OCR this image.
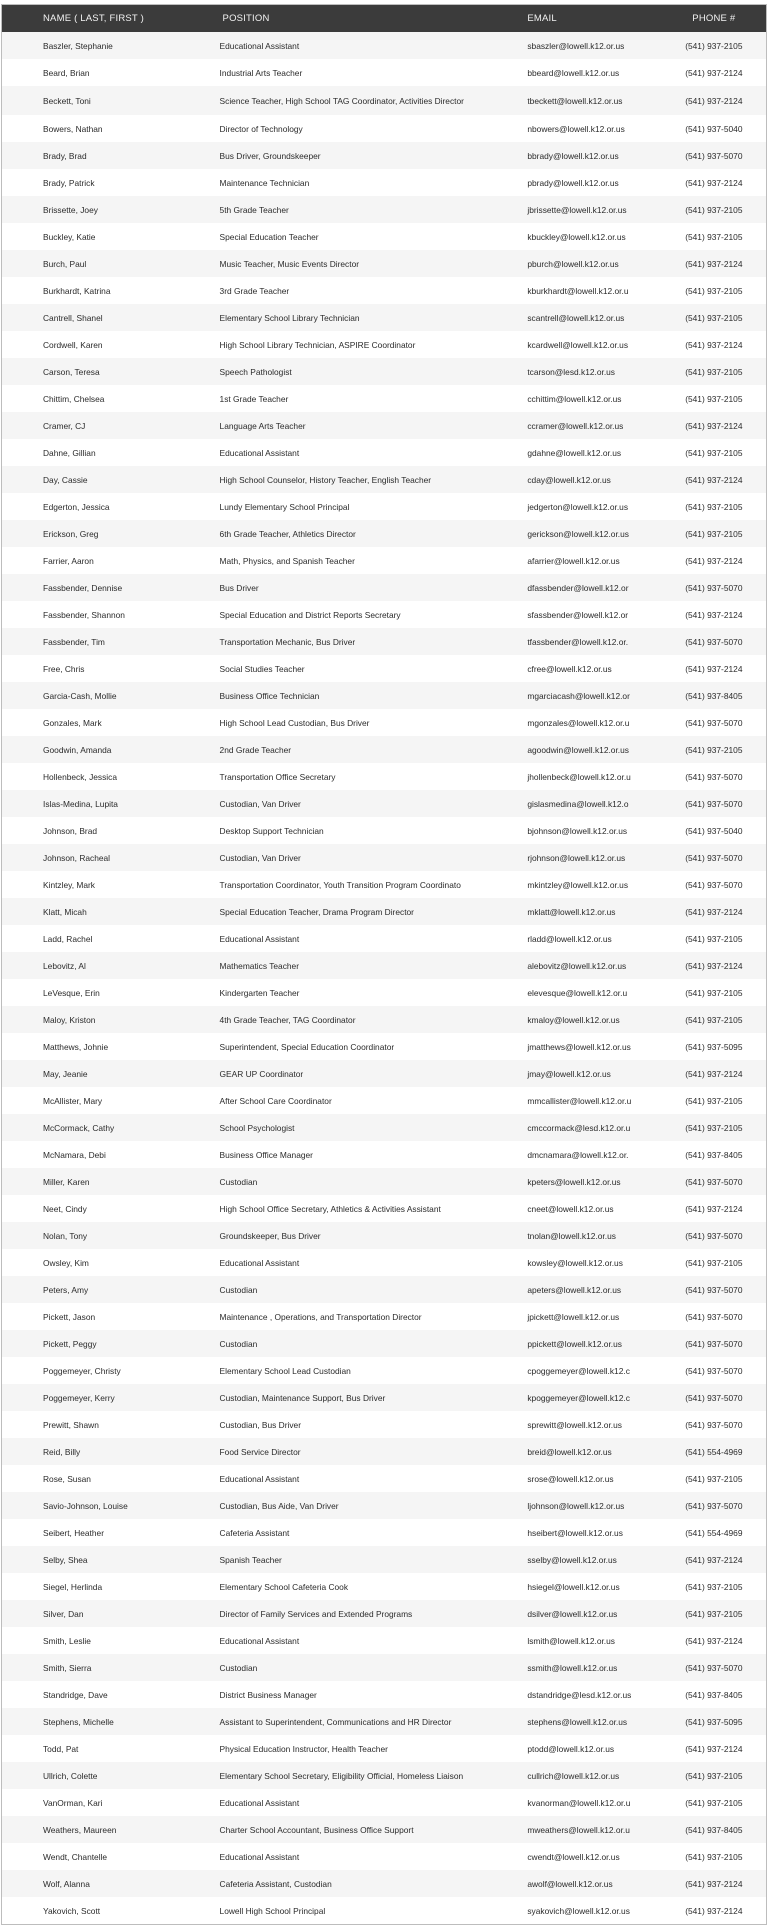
NAME ( LAST, FIRST )	POSITION	EMAIL	PHONE #
Baszler, Stephanie	Educational Assistant	sbaszler@lowell.k12.or.us	(541) 937-2105
Beard, Brian	Industrial Arts Teacher	bbeard@lowell.k12.or.us	(541) 937-2124
Beckett, Toni	Science Teacher, High School TAG Coordinator, Activities Director	tbeckett@lowell.k12.or.us	(541) 937-2124
Bowers, Nathan	Director of Technology	nbowers@lowell.k12.or.us	(541) 937-5040
Brady, Brad	Bus Driver, Groundskeeper	bbrady@lowell.k12.or.us	(541) 937-5070
Brady, Patrick	Maintenance Technician	pbrady@lowell.k12.or.us	(541) 937-2124
Brissette, Joey	5th Grade Teacher	jbrissette@lowell.k12.or.us	(541) 937-2105
Buckley, Katie	Special Education Teacher	kbuckley@lowell.k12.or.us	(541) 937-2105
Burch, Paul	Music Teacher, Music Events Director	pburch@lowell.k12.or.us	(541) 937-2124
Burkhardt, Katrina	3rd Grade Teacher	kburkhardt@lowell.k12.or.u	(541) 937-2105
Cantrell, Shanel	Elementary School Library Technician	scantrell@lowell.k12.or.us	(541) 937-2105
Cordwell, Karen	High School Library Technician, ASPIRE Coordinator	kcardwell@lowell.k12.or.us	(541) 937-2124
Carson, Teresa	Speech Pathologist	tcarson@lesd.k12.or.us	(541) 937-2105
Chittim, Chelsea	1st Grade Teacher	cchittim@lowell.k12.or.us	(541) 937-2105
Cramer, CJ	Language Arts Teacher	ccramer@lowell.k12.or.us	(541) 937-2124
Dahne, Gillian	Educational Assistant	gdahne@lowell.k12.or.us	(541) 937-2105
Day, Cassie	High School Counselor, History Teacher, English Teacher	cday@lowell.k12.or.us	(541) 937-2124
Edgerton, Jessica	Lundy Elementary School Principal	jedgerton@lowell.k12.or.us	(541) 937-2105
Erickson, Greg	6th Grade Teacher, Athletics Director	gerickson@lowell.k12.or.us	(541) 937-2105
Farrier, Aaron	Math, Physics, and Spanish Teacher	afarrier@lowell.k12.or.us	(541) 937-2124
Fassbender, Dennise	Bus Driver	dfassbender@lowell.k12.or	(541) 937-5070
Fassbender, Shannon	Special Education and District Reports Secretary	sfassbender@lowell.k12.or	(541) 937-2124
Fassbender, Tim	Transportation Mechanic, Bus Driver	tfassbender@lowell.k12.or.	(541) 937-5070
Free, Chris	Social Studies Teacher	cfree@lowell.k12.or.us	(541) 937-2124
Garcia-Cash, Mollie	Business Office Technician	mgarciacash@lowell.k12.or	(541) 937-8405
Gonzales, Mark	High School Lead Custodian, Bus Driver	mgonzales@lowell.k12.or.u	(541) 937-5070
Goodwin, Amanda	2nd Grade Teacher	agoodwin@lowell.k12.or.us	(541) 937-2105
Hollenbeck, Jessica	Transportation Office Secretary	jhollenbeck@lowell.k12.or.u	(541) 937-5070
Islas-Medina, Lupita	Custodian, Van Driver	gislasmedina@lowell.k12.o	(541) 937-5070
Johnson, Brad	Desktop Support Technician	bjohnson@lowell.k12.or.us	(541) 937-5040
Johnson, Racheal	Custodian, Van Driver	rjohnson@lowell.k12.or.us	(541) 937-5070
Kintzley, Mark	Transportation Coordinator, Youth Transition Program Coordinato	mkintzley@lowell.k12.or.us	(541) 937-5070
Klatt, Micah	Special Education Teacher, Drama Program Director	mklatt@lowell.k12.or.us	(541) 937-2124
Ladd, Rachel	Educational Assistant	rladd@lowell.k12.or.us	(541) 937-2105
Lebovitz, Al	Mathematics Teacher	alebovitz@lowell.k12.or.us	(541) 937-2124
LeVesque, Erin	Kindergarten Teacher	elevesque@lowell.k12.or.u	(541) 937-2105
Maloy, Kriston	4th Grade Teacher, TAG Coordinator	kmaloy@lowell.k12.or.us	(541) 937-2105
Matthews, Johnie	Superintendent, Special Education Coordinator	jmatthews@lowell.k12.or.us	(541) 937-5095
May, Jeanie	GEAR UP Coordinator	jmay@lowell.k12.or.us	(541) 937-2124
McAllister, Mary	After School Care Coordinator	mmcallister@lowell.k12.or.u	(541) 937-2105
McCormack, Cathy	School Psychologist	cmccormack@lesd.k12.or.u	(541) 937-2105
McNamara, Debi	Business Office Manager	dmcnamara@lowell.k12.or.	(541) 937-8405
Miller, Karen	Custodian	kpeters@lowell.k12.or.us	(541) 937-5070
Neet, Cindy	High School Office Secretary, Athletics & Activities Assistant	cneet@lowell.k12.or.us	(541) 937-2124
Nolan, Tony	Groundskeeper, Bus Driver	tnolan@lowell.k12.or.us	(541) 937-5070
Owsley, Kim	Educational Assistant	kowsley@lowell.k12.or.us	(541) 937-2105
Peters, Amy	Custodian	apeters@lowell.k12.or.us	(541) 937-5070
Pickett, Jason	Maintenance , Operations, and Transportation Director	jpickett@lowell.k12.or.us	(541) 937-5070
Pickett, Peggy	Custodian	ppickett@lowell.k12.or.us	(541) 937-5070
Poggemeyer, Christy	Elementary School Lead Custodian	cpoggemeyer@lowell.k12.c	(541) 937-5070
Poggemeyer, Kerry	Custodian, Maintenance Support, Bus Driver	kpoggemeyer@lowell.k12.c	(541) 937-5070
Prewitt, Shawn	Custodian, Bus Driver	sprewitt@lowell.k12.or.us	(541) 937-5070
Reid, Billy	Food Service Director	breid@lowell.k12.or.us	(541) 554-4969
Rose, Susan	Educational Assistant	srose@lowell.k12.or.us	(541) 937-2105
Savio-Johnson, Louise	Custodian, Bus Aide, Van Driver	ljohnson@lowell.k12.or.us	(541) 937-5070
Seibert, Heather	Cafeteria Assistant	hseibert@lowell.k12.or.us	(541) 554-4969
Selby, Shea	Spanish Teacher	sselby@lowell.k12.or.us	(541) 937-2124
Siegel, Herlinda	Elementary School Cafeteria Cook	hsiegel@lowell.k12.or.us	(541) 937-2105
Silver, Dan	Director of Family Services and Extended Programs	dsilver@lowell.k12.or.us	(541) 937-2105
Smith, Leslie	Educational Assistant	lsmith@lowell.k12.or.us	(541) 937-2124
Smith, Sierra	Custodian	ssmith@lowell.k12.or.us	(541) 937-5070
Standridge, Dave	District Business Manager	dstandridge@lesd.k12.or.us	(541) 937-8405
Stephens, Michelle	Assistant to Superintendent, Communications and HR Director	stephens@lowell.k12.or.us	(541) 937-5095
Todd, Pat	Physical Education Instructor, Health Teacher	ptodd@lowell.k12.or.us	(541) 937-2124
Ullrich, Colette	Elementary School Secretary, Eligibility Official, Homeless Liaison	cullrich@lowell.k12.or.us	(541) 937-2105
VanOrman, Kari	Educational Assistant	kvanorman@lowell.k12.or.u	(541) 937-2105
Weathers, Maureen	Charter School Accountant, Business Office Support	mweathers@lowell.k12.or.u	(541) 937-8405
Wendt, Chantelle	Educational Assistant	cwendt@lowell.k12.or.us	(541) 937-2105
Wolf, Alanna	Cafeteria Assistant, Custodian	awolf@lowell.k12.or.us	(541) 937-2124
Yakovich, Scott	Lowell High School Principal	syakovich@lowell.k12.or.us	(541) 937-2124
